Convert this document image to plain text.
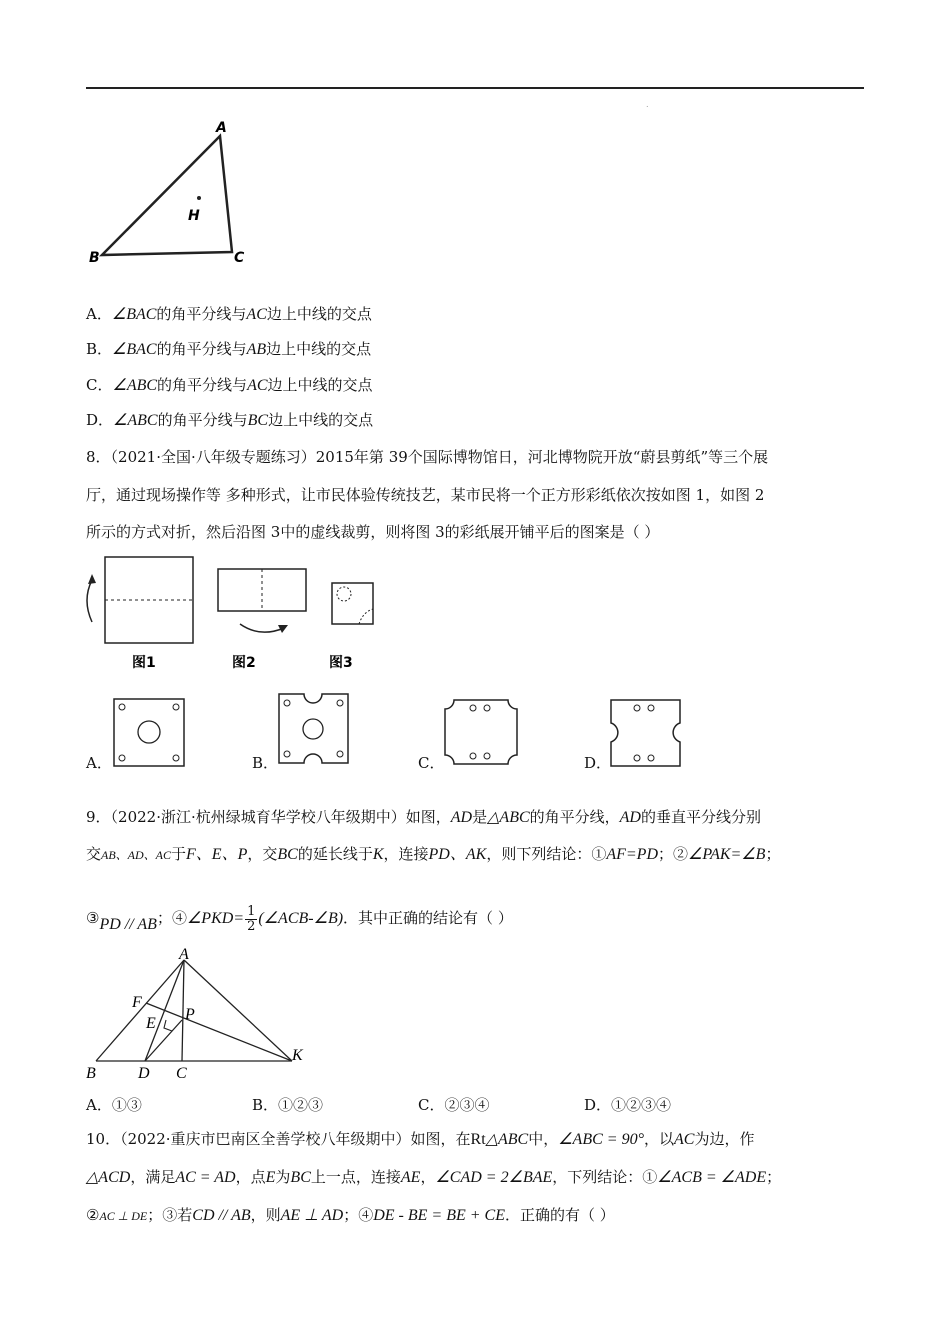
.
A
B	C
H
A．∠BAC的角平分线与AC边上中线的交点
B．∠BAC的角平分线与AB边上中线的交点
C．∠ABC的角平分线与AC边上中线的交点
D．∠ABC的角平分线与BC边上中线的交点
8．（2021·全国·八年级专题练习）2015年第 39个国际博物馆日，河北博物院开放“蔚县剪纸”等三个展
厅，通过现场操作等 多种形式，让市民体验传统技艺，某市民将一个正方形彩纸依次按如图 1，如图 2
所示的方式对折，然后沿图 3中的虚线裁剪，则将图 3的彩纸展开铺平后的图案是（ ）
图1	图2	图3
A．	B．	C．	D．
9．（2022·浙江·杭州绿城育华学校八年级期中）如图，AD是△ABC的角平分线，AD的垂直平分线分别
交AB、AD、AC于F、E、P，交BC的延长线于K，连接PD、AK，则下列结论：①AF=PD；②∠PAK=∠B；
③PD // AB；④∠PKD= $\frac{1}{2}$ (∠ACB-∠B)．其中正确的结论有（ ）
A
F
E
P
K
B	D C
A．①③	B．①②③	C．②③④	D．①②③④
10．（2022·重庆市巴南区全善学校八年级期中）如图，在Rt△ABC中，∠ABC = 90°，以AC为边，作
△ACD，满足AC = AD，点E为BC上一点，连接AE，∠CAD = 2∠BAE，下列结论：①∠ACB = ∠ADE；
②AC ⊥ DE；③若CD // AB，则AE ⊥ AD；④DE - BE = BE + CE．正确的有（ ）
